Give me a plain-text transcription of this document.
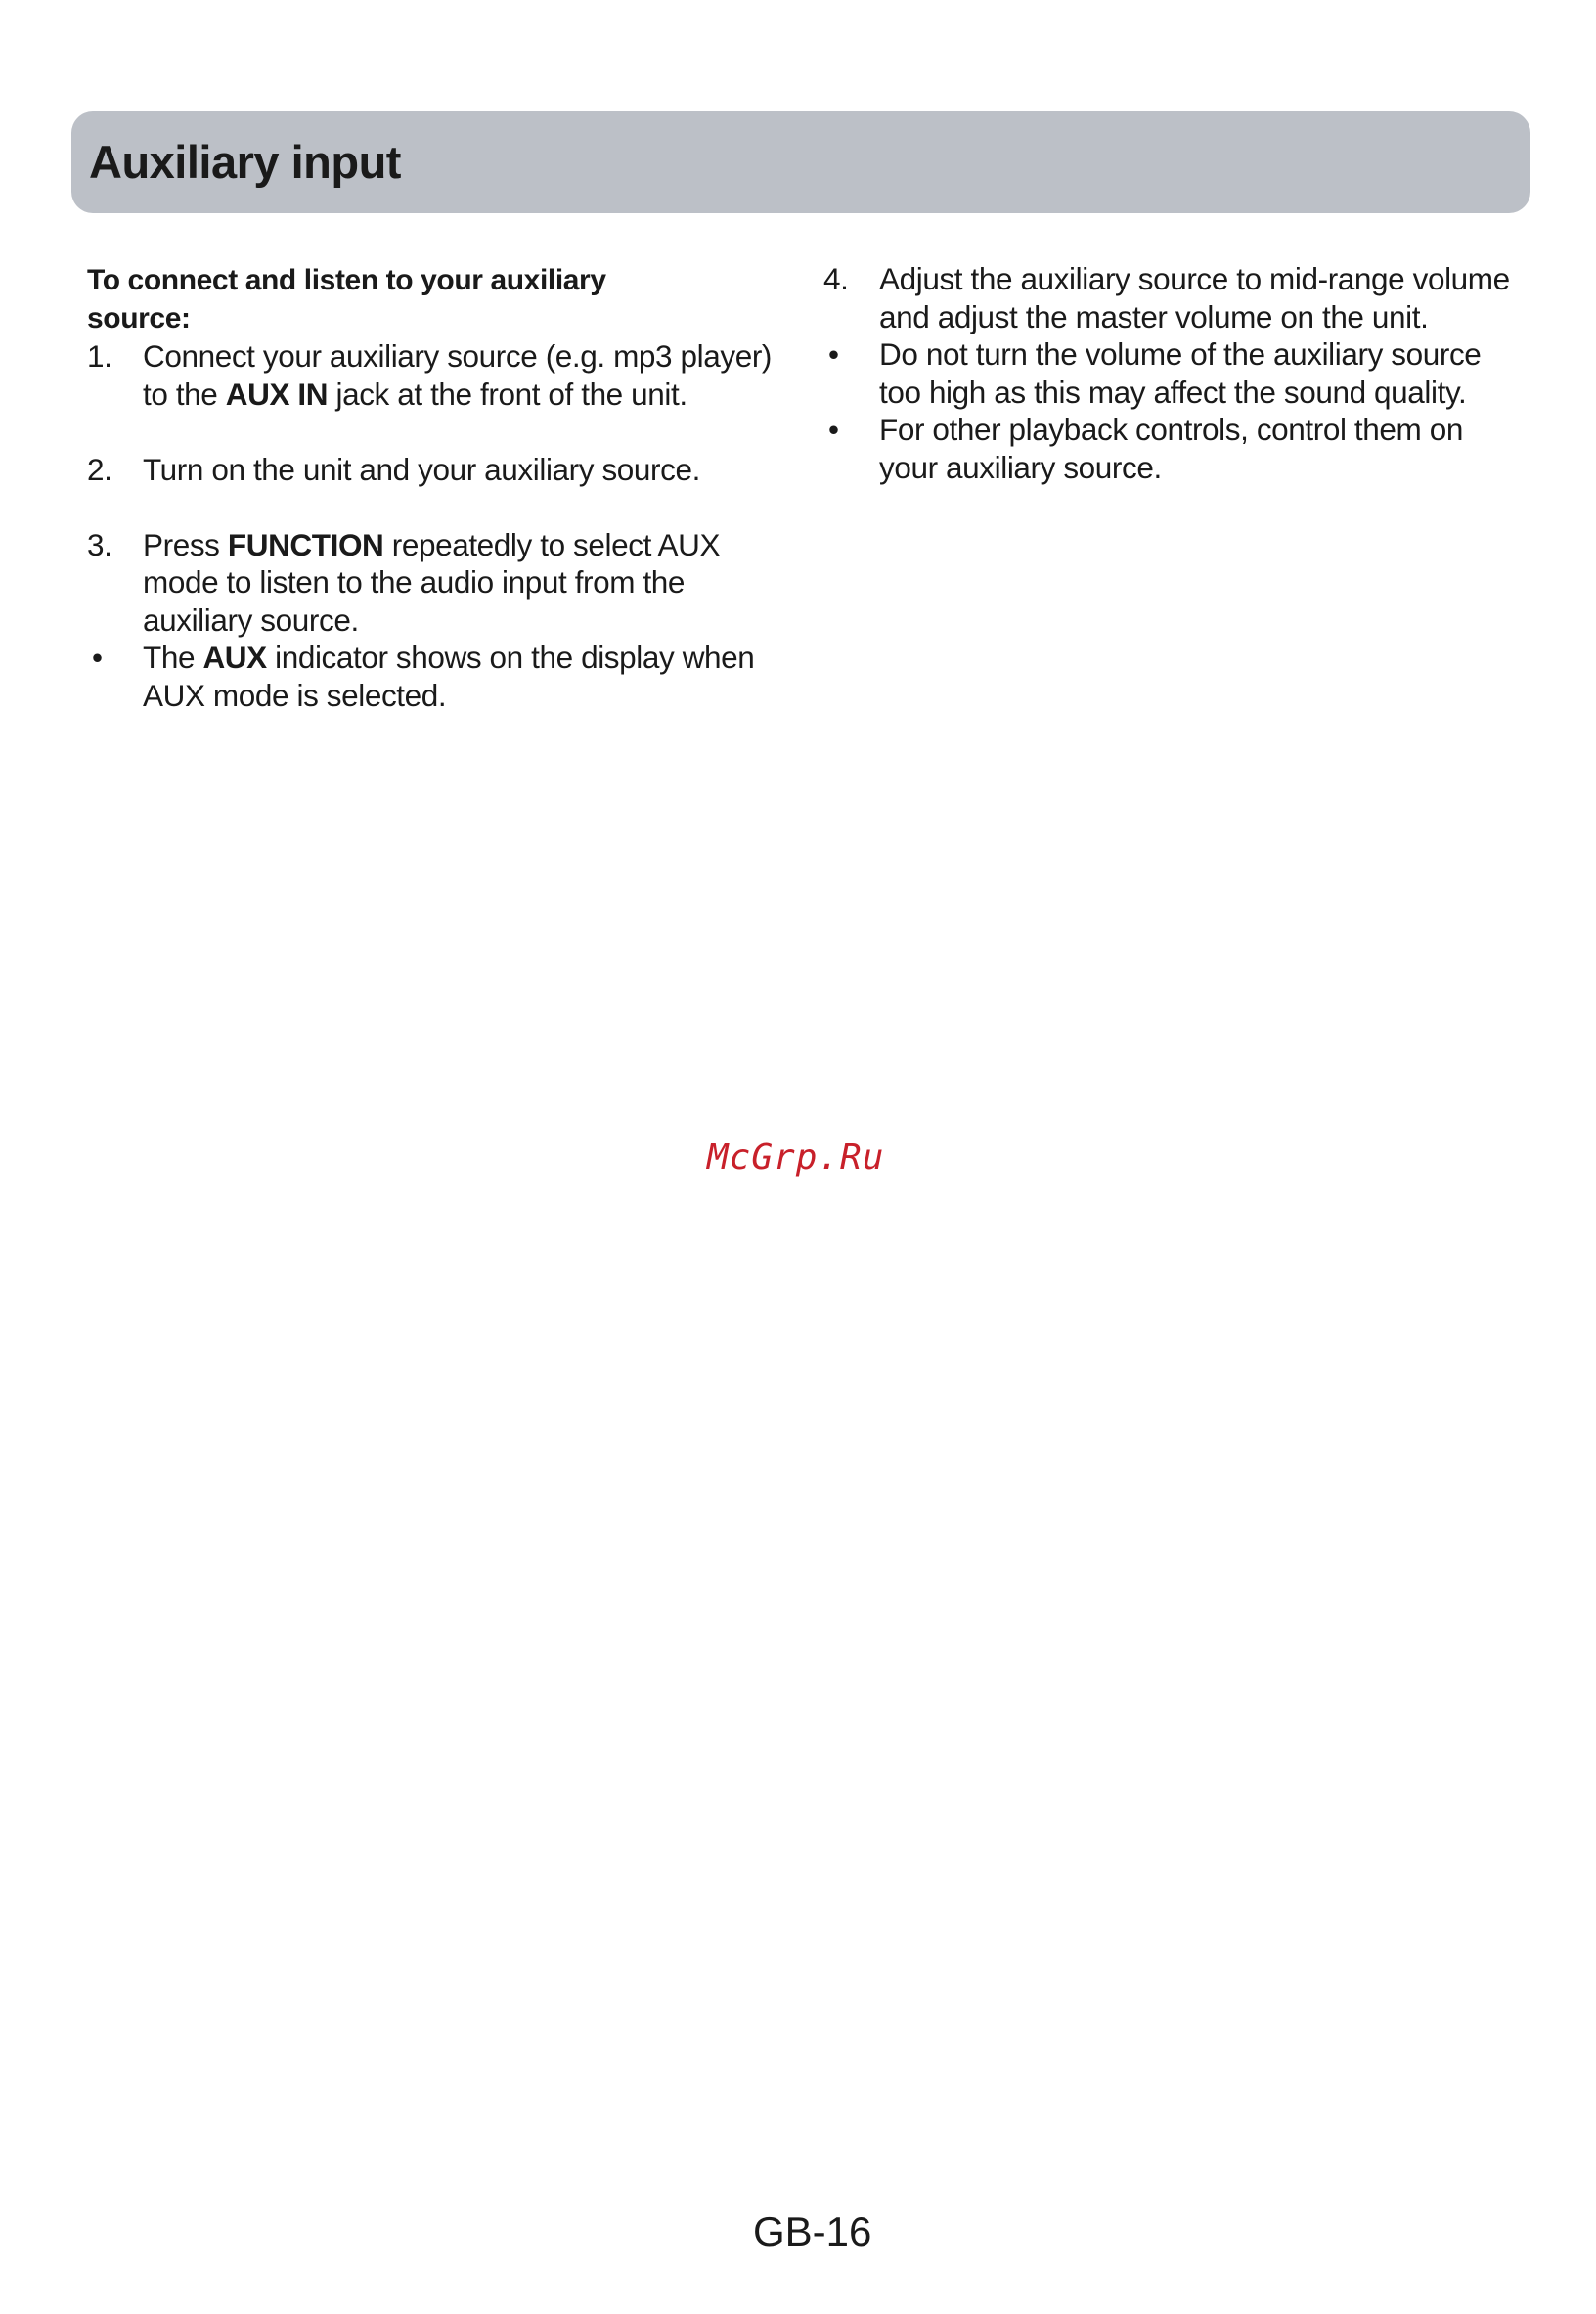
Auxiliary input

To connect and listen to your auxiliary source:

1. Connect your auxiliary source (e.g. mp3 player) to the AUX IN jack at the front of the unit.
2. Turn on the unit and your auxiliary source.
3. Press FUNCTION repeatedly to select AUX mode to listen to the audio input from the auxiliary source.
• The AUX indicator shows on the display when AUX mode is selected.
4. Adjust the auxiliary source to mid-range volume and adjust the master volume on the unit.
• Do not turn the volume of the auxiliary source too high as this may affect the sound quality.
• For other playback controls, control them on your auxiliary source.
McGrp.Ru
GB-16
